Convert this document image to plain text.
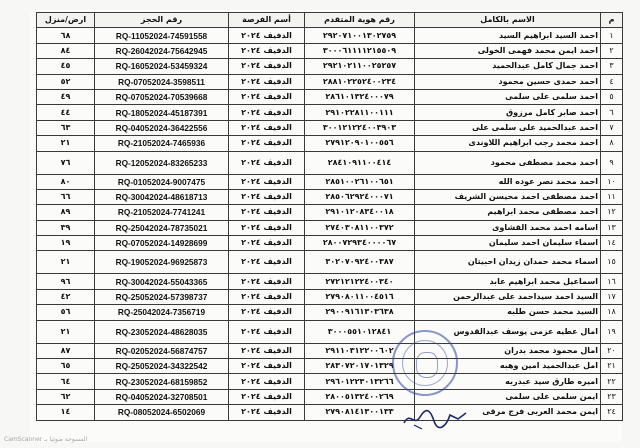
م	الاسم بالكامل	رقم هوية المتقدم	أسم الفرصة	رقم الحجز	ارض/منزل
١	احمد السيد ابراهيم السيد	٢٩٢٠٧١٠٠١٣٠٢٧٥٩	الدفيف ٢٠٢٤	RQ-11052024-74591558	٦٨
٢	احمد ايمن محمد فهمى الخولى	٣٠٠٠٦١١١١٢١٥٥٠٩	الدفيف ٢٠٢٤	RQ-26042024-75642945	٨٤
٣	احمد جمال كامل عبدالحميد	٢٩٢١٠٢١١٠٠٢٥٢٥٧	الدفيف ٢٠٢٤	RQ-16052024-53459324	٤٥
٤	احمد حمدى حسين محمود	٢٨٨١٠٢٢٥٢٤٠٠٢٣٤	الدفيف ٢٠٢٤	RQ-07052024-3598511	٥٢
٥	احمد سلمى على سلمى	٢٨٦١٠١٣٢٤٠٠٠٧٩	الدفيف ٢٠٢٤	RQ-07052024-70539668	٤٩
٦	احمد صابر كامل مرزوق	٢٩١٠٢٢٨١١٠٠١١١	الدفيف ٢٠٢٤	RQ-18052024-45187391	٤٤
٧	احمد عبدالحميد على سلمى على	٣٠٠١٢١٢٢٤٠٠٣٩٠٣	الدفيف ٢٠٢٤	RQ-04052024-36422556	٦٣
٨	احمد محمد رجب ابراهيم اللاوندى	٢٧٩١٢٠٩٠١٠٠٥٥٦	الدفيف ٢٠٢٤	RQ-21052024-7465936	٢١
٩	احمد محمد مصطفى محمود	٢٨٤١٠٩١١٠٠٤١٤	الدفيف ٢٠٢٤	RQ-12052024-83265233	٧٦
١٠	احمد محمد نصر عوده الله	٢٨٥١٠٠٢٦١٠٠٦٥١	الدفيف ٢٠٢٤	RQ-01052024-9007475	٨٠
١١	احمد مصطفى احمد محيسن الشريف	٢٨٥٠٦٢٩٢٤٠٠٠٧١	الدفيف ٢٠٢٤	RQ-30042024-48618713	٦٦
١٢	احمد مصطفى محمد ابراهيم	٢٩١٠١٢٠٨٣٤٠٠١٨	الدفيف ٢٠٢٤	RQ-21052024-7741241	٨٩
١٣	اسامه احمد محمد القشاوى	٢٧٤٠٣٠٨١١٠٠٣٧٢	الدفيف ٢٠٢٤	RQ-25042024-78735021	٣٩
١٤	اسماء سليمان احمد سليمان	٢٨٠٠٧٢٩٣٤٠٠٠٠٦٧	الدفيف ٢٠٢٤	RQ-07052024-14928699	١٩
١٥	اسماء محمد حمدان زيدان احبيتان	٣٠٢٠٧٠٩٢٤٠٠٣٨٧	الدفيف ٢٠٢٤	RQ-19052024-96925873	٢١
١٦	اسماعيل محمد ابراهيم عابد	٢٧٢١٢١٢٢٤٠٠٣٤٠	الدفيف ٢٠٢٤	RQ-30042024-55043365	٩٦
١٧	السيد احمد سيداحمد على عبدالرحمن	٢٧٩٠٨٠١١٠٠٤٥١٦	الدفيف ٢٠٢٤	RQ-25052024-57398737	٤٢
١٨	السيد محمد حسن طلبه	٢٩٠٠٩١٦١٣٠٣٦٣٨	الدفيف ٢٠٢٤	RQ-25042024-7356719	٥٦
١٩	امال عطيه عزمى يوسف عبدالقدوس	٣٠٠٠٥٥١٠١٢٨٤١	الدفيف ٢٠٢٤	RQ-23052024-48628035	٢١
٢٠	امال محمود محمد بدران	٢٩١١٠٣١٢٢٠٠٦٠٢	الدفيف ٢٠٢٤	RQ-02052024-56874757	٨٧
٢١	امل عبدالحميد امين وهبه	٢٨٣٠٧٢٠١٧٠١٣٢٩	الدفيف ٢٠٢٤	RQ-25052024-34322542	٦٥
٢٢	اميره طارق سيد عبدربه	٢٩٦٠١٢٢٣٠١٣٢٦٦	الدفيف ٢٠٢٤	RQ-23052024-68159852	٦٤
٢٣	ايمن سلمى على سلمى	٢٨٠٠٥١٣٢٤٠٠٢٦٩	الدفيف ٢٠٢٤	RQ-04052024-32708501	٦٢
٢٤	ايمن محمد العربى فرج مرقى	٢٧٩٠٨١٤١٣٠٠١٣٣	الدفيف ٢٠٢٤	RQ-08052024-6502069	١٤
CamScanner المسوحة ضوئيا بـ
